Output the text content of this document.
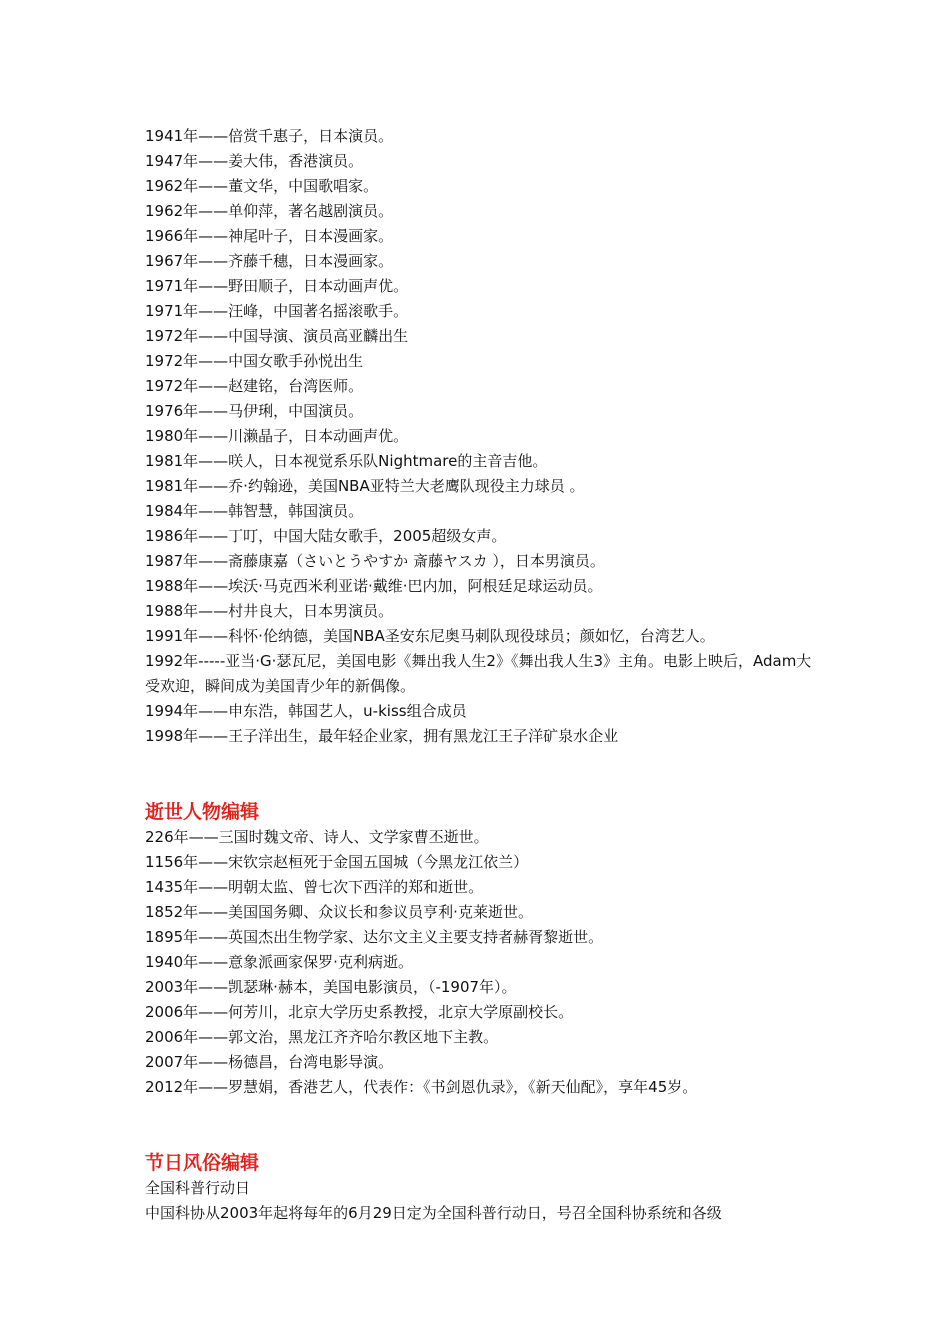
1941年——倍赏千惠子，日本演员。
1947年——姜大伟，香港演员。
1962年——董文华，中国歌唱家。
1962年——单仰萍，著名越剧演员。
1966年——神尾叶子，日本漫画家。
1967年——齐藤千穗，日本漫画家。
1971年——野田顺子，日本动画声优。
1971年——汪峰，中国著名摇滚歌手。
1972年——中国导演、演员高亚麟出生
1972年——中国女歌手孙悦出生
1972年——赵建铭，台湾医师。
1976年——马伊琍，中国演员。
1980年——川濑晶子，日本动画声优。
1981年——咲人，日本视觉系乐队Nightmare的主音吉他。
1981年——乔·约翰逊，美国NBA亚特兰大老鹰队现役主力球员 。
1984年——韩智慧，韩国演员。
1986年——丁叮，中国大陆女歌手，2005超级女声。
1987年——斋藤康嘉（さいとうやすか 斎藤ヤスカ ），日本男演员。
1988年——埃沃·马克西米利亚诺·戴维·巴内加，阿根廷足球运动员。
1988年——村井良大，日本男演员。
1991年——科怀·伦纳德，美国NBA圣安东尼奥马刺队现役球员；颜如忆，台湾艺人。
1992年-----亚当·G·瑟瓦尼，美国电影《舞出我人生2》《舞出我人生3》主角。电影上映后，Adam大受欢迎，瞬间成为美国青少年的新偶像。
1994年——申东浩，韩国艺人，u-kiss组合成员
1998年——王子洋出生，最年轻企业家，拥有黑龙江王子洋矿泉水企业
逝世人物编辑
226年——三国时魏文帝、诗人、文学家曹丕逝世。
1156年——宋钦宗赵桓死于金国五国城（今黑龙江依兰）
1435年——明朝太监、曾七次下西洋的郑和逝世。
1852年——美国国务卿、众议长和参议员亨利·克莱逝世。
1895年——英国杰出生物学家、达尔文主义主要支持者赫胥黎逝世。
1940年——意象派画家保罗·克利病逝。
2003年——凯瑟琳·赫本，美国电影演员，（-1907年）。
2006年——何芳川，北京大学历史系教授，北京大学原副校长。
2006年——郭文治，黑龙江齐齐哈尔教区地下主教。
2007年——杨德昌，台湾电影导演。
2012年——罗慧娟，香港艺人，代表作：《书剑恩仇录》，《新天仙配》，享年45岁。
节日风俗编辑
全国科普行动日
中国科协从2003年起将每年的6月29日定为全国科普行动日，号召全国科协系统和各级
